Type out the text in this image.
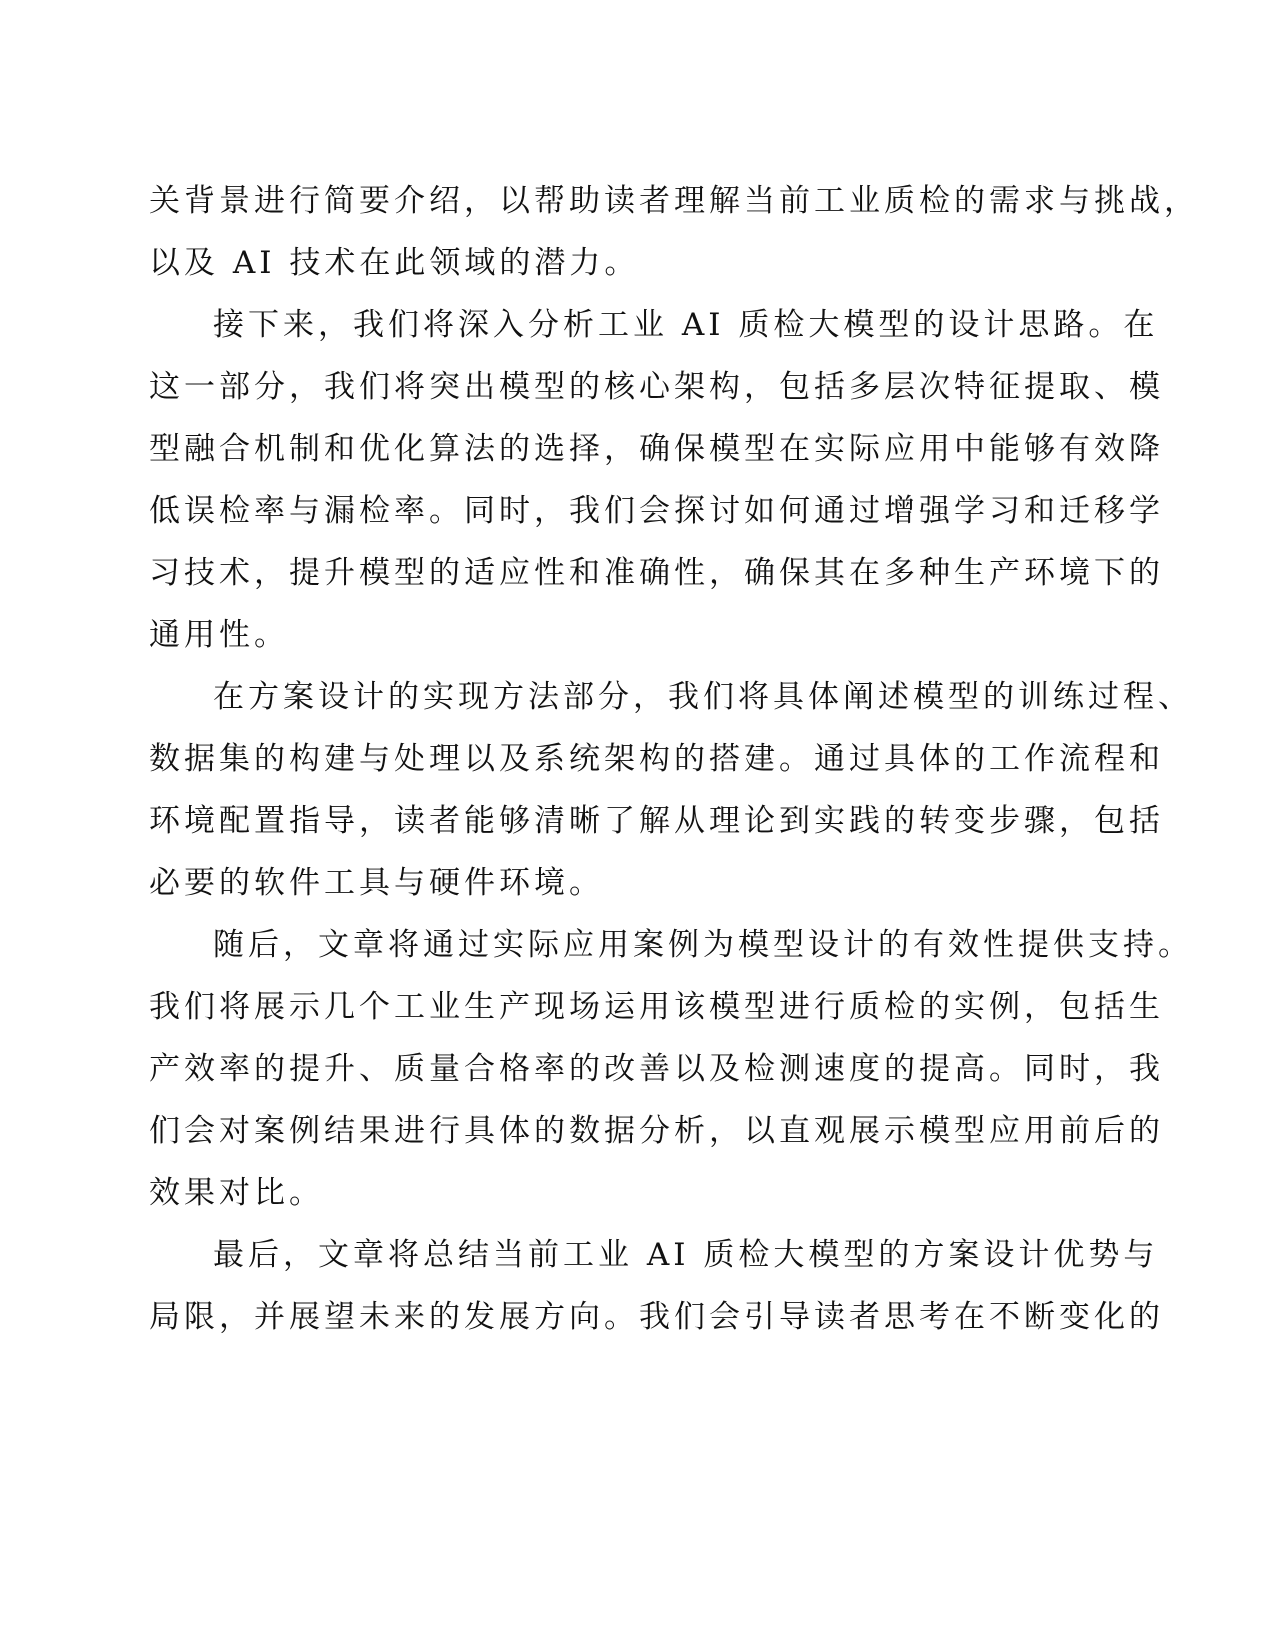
关背景进行简要介绍，以帮助读者理解当前工业质检的需求与挑战，
以及 AI 技术在此领域的潜力。
接下来，我们将深入分析工业 AI 质检大模型的设计思路。在
这一部分，我们将突出模型的核心架构，包括多层次特征提取、模
型融合机制和优化算法的选择，确保模型在实际应用中能够有效降
低误检率与漏检率。同时，我们会探讨如何通过增强学习和迁移学
习技术，提升模型的适应性和准确性，确保其在多种生产环境下的
通用性。
在方案设计的实现方法部分，我们将具体阐述模型的训练过程、
数据集的构建与处理以及系统架构的搭建。通过具体的工作流程和
环境配置指导，读者能够清晰了解从理论到实践的转变步骤，包括
必要的软件工具与硬件环境。
随后，文章将通过实际应用案例为模型设计的有效性提供支持。
我们将展示几个工业生产现场运用该模型进行质检的实例，包括生
产效率的提升、质量合格率的改善以及检测速度的提高。同时，我
们会对案例结果进行具体的数据分析，以直观展示模型应用前后的
效果对比。
最后，文章将总结当前工业 AI 质检大模型的方案设计优势与
局限，并展望未来的发展方向。我们会引导读者思考在不断变化的
